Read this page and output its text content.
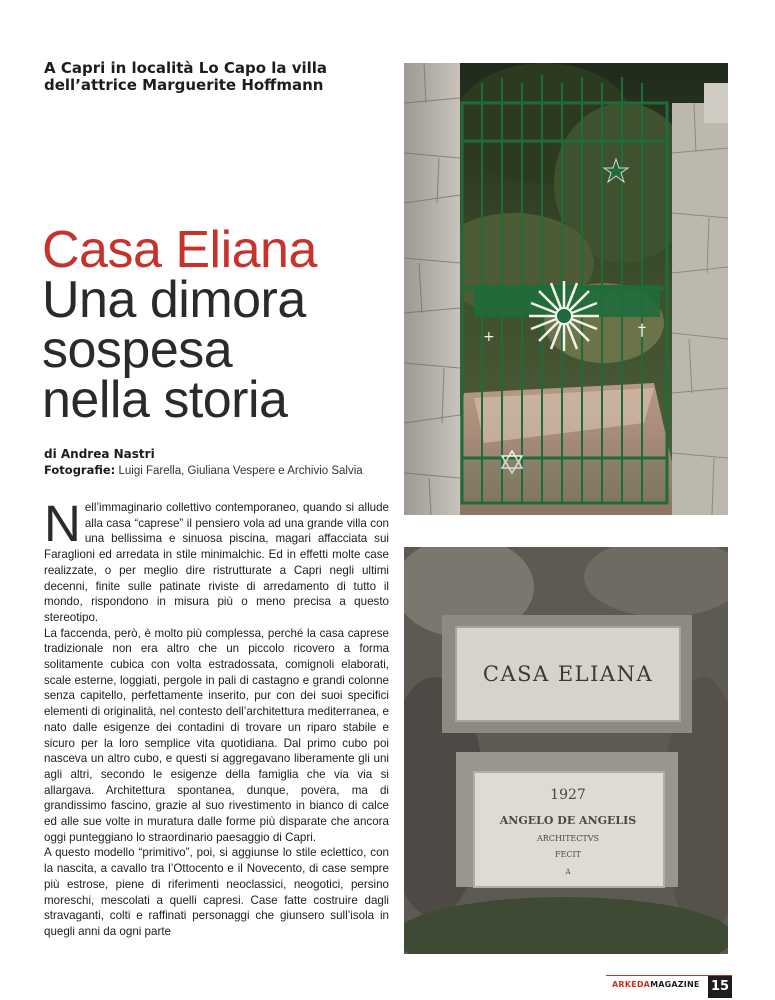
A Capri in località Lo Capo la villa
dell’attrice Marguerite Hoffmann
Casa Eliana
Una dimora
sospesa
nella storia
di Andrea Nastri
Fotografie: Luigi Farella, Giuliana Vespere e Archivio Salvia

Nell’immaginario collettivo contemporaneo, quando si allude alla casa “caprese” il pensiero vola ad una grande villa con una bellissima e sinuosa piscina, magari affacciata sui Faraglioni ed arredata in stile minimalchic. Ed in effetti molte case realizzate, o per meglio dire ristrutturate a Capri negli ultimi decenni, finite sulle patinate riviste di arredamento di tutto il mondo, rispondono in misura più o meno precisa a questo stereotipo.

La faccenda, però, è molto più complessa, perché la casa caprese tradizionale non era altro che un piccolo ricovero a forma solitamente cubica con volta estradossata, comignoli elaborati, scale esterne, loggiati, pergole in pali di castagno e grandi colonne senza capitello, perfettamente inserito, pur con dei suoi specifici elementi di originalità, nel contesto dell’architettura mediterranea, e nato dalle esigenze dei contadini di trovare un riparo stabile e sicuro per la loro semplice vita quotidiana. Dal primo cubo poi nasceva un altro cubo, e questi si aggregavano liberamente gli uni agli altri, secondo le esigenze della famiglia che via via si allargava. Architettura spontanea, dunque, povera, ma di grandissimo fascino, grazie al suo rivestimento in bianco di calce ed alle sue volte in muratura dalle forme più disparate che ancora oggi punteggiano lo straordinario paesaggio di Capri.

A questo modello “primitivo”, poi, si aggiunse lo stile eclettico, con la nascita, a cavallo tra l’Ottocento e il Novecento, di case sempre più estrose, piene di riferimenti neoclassici, neogotici, persino moreschi, mescolati a quelli capresi. Case fatte costruire dagli stravaganti, colti e raffinati personaggi che giunsero sull’isola in quegli anni da ogni parte

+	†
CASA ELIANA
1927
ANGELO DE ANGELIS
ARCHITECTVS
FECIT
A
ARKEDAMAGAZINE 15
